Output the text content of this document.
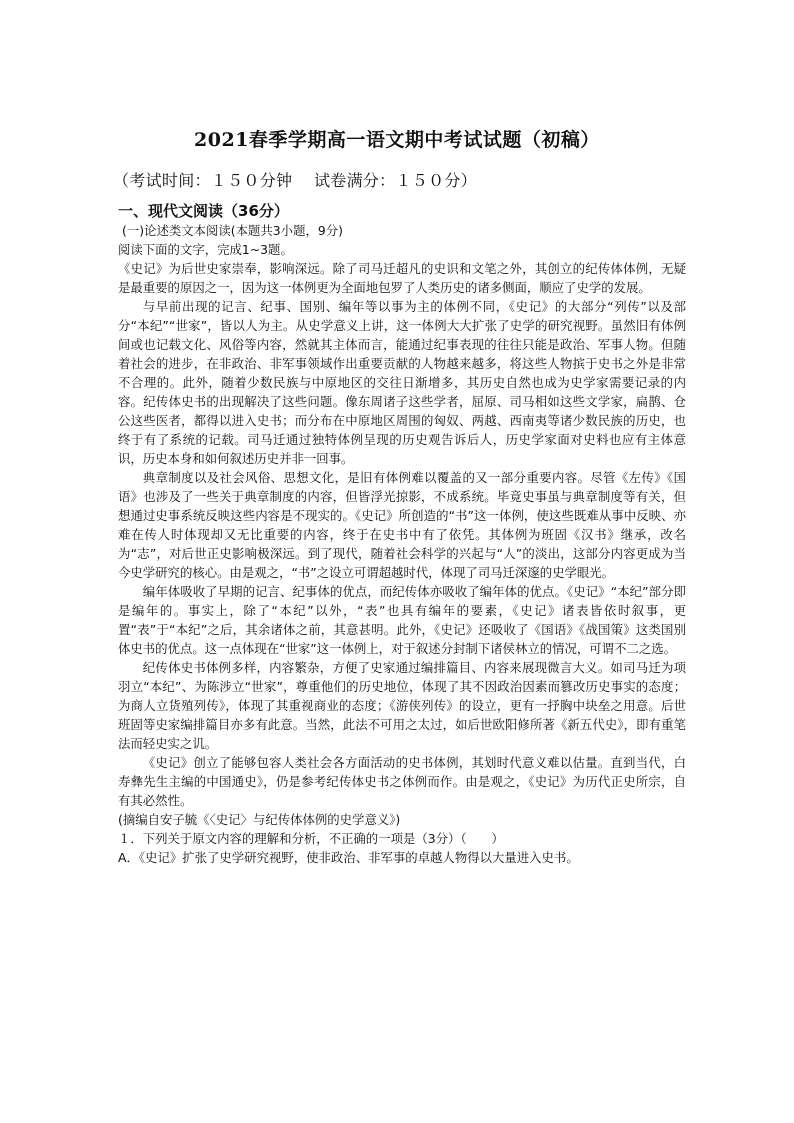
2021春季学期高一语文期中考试试题（初稿）
（考试时间：１５０分钟　 试卷满分：１５０分）
一、现代文阅读（36分）

(一)论述类文本阅读(本题共3小题，9分)

阅读下面的文字，完成1~3题。

《史记》为后世史家崇奉，影响深远。除了司马迁超凡的史识和文笔之外，其创立的纪传体体例，无疑是最重要的原因之一，因为这一体例更为全面地包罗了人类历史的诸多侧面，顺应了史学的发展。

与早前出现的记言、纪事、国别、编年等以事为主的体例不同，《史记》的大部分“列传”以及部分“本纪”“世家”，皆以人为主。从史学意义上讲，这一体例大大扩张了史学的研究视野。虽然旧有体例间或也记载文化、风俗等内容，然就其主体而言，能通过纪事表现的往往只能是政治、军事人物。但随着社会的进步，在非政治、非军事领域作出重要贡献的人物越来越多，将这些人物摈于史书之外是非常不合理的。此外，随着少数民族与中原地区的交往日渐增多，其历史自然也成为史学家需要记录的内容。纪传体史书的出现解决了这些问题。像东周诸子这些学者，屈原、司马相如这些文学家，扁鹊、仓公这些医者，都得以进入史书；而分布在中原地区周围的匈奴、两越、西南夷等诸少数民族的历史，也终于有了系统的记载。司马迁通过独特体例呈现的历史观告诉后人，历史学家面对史料也应有主体意识，历史本身和如何叙述历史并非一回事。

典章制度以及社会风俗、思想文化，是旧有体例难以覆盖的又一部分重要内容。尽管《左传》《国语》也涉及了一些关于典章制度的内容，但皆浮光掠影，不成系统。毕竟史事虽与典章制度等有关，但想通过史事系统反映这些内容是不现实的。《史记》所创造的“书”这一体例，使这些既难从事中反映、亦难在传人时体现却又无比重要的内容，终于在史书中有了依凭。其体例为班固《汉书》继承，改名为“志”，对后世正史影响极深远。到了现代，随着社会科学的兴起与“人”的淡出，这部分内容更成为当今史学研究的核心。由是观之，“书”之设立可谓超越时代，体现了司马迁深邃的史学眼光。

编年体吸收了早期的记言、纪事体的优点，而纪传体亦吸收了编年体的优点。《史记》“本纪”部分即是编年的。事实上，除了“本纪”以外，“表”也具有编年的要素，《史记》诸表皆依时叙事，更置“表”于“本纪”之后，其余诸体之前，其意甚明。此外，《史记》还吸收了《国语》《战国策》这类国别体史书的优点。这一点体现在“世家”这一体例上，对于叙述分封制下诸侯林立的情况，可谓不二之选。

纪传体史书体例多样，内容繁杂，方便了史家通过编排篇目、内容来展现微言大义。如司马迁为项羽立“本纪”、为陈涉立“世家”，尊重他们的历史地位，体现了其不因政治因素而篡改历史事实的态度；为商人立货殖列传》，体现了其重视商业的态度；《游侠列传》的设立，更有一抒胸中块垒之用意。后世班固等史家编排篇目亦多有此意。当然，此法不可用之太过，如后世欧阳修所著《新五代史》，即有重笔法而轻史实之讥。

《史记》创立了能够包容人类社会各方面活动的史书体例，其划时代意义难以估量。直到当代，白寿彝先生主编的中国通史》，仍是参考纪传体史书之体例而作。由是观之，《史记》为历代正史所宗，自有其必然性。

(摘编自安子毓《〈史记〉与纪传体体例的史学意义》)

１．下列关于原文内容的理解和分析，不正确的一项是（3分）（　　）

A．《史记》扩张了史学研究视野，使非政治、非军事的卓越人物得以大量进入史书。
